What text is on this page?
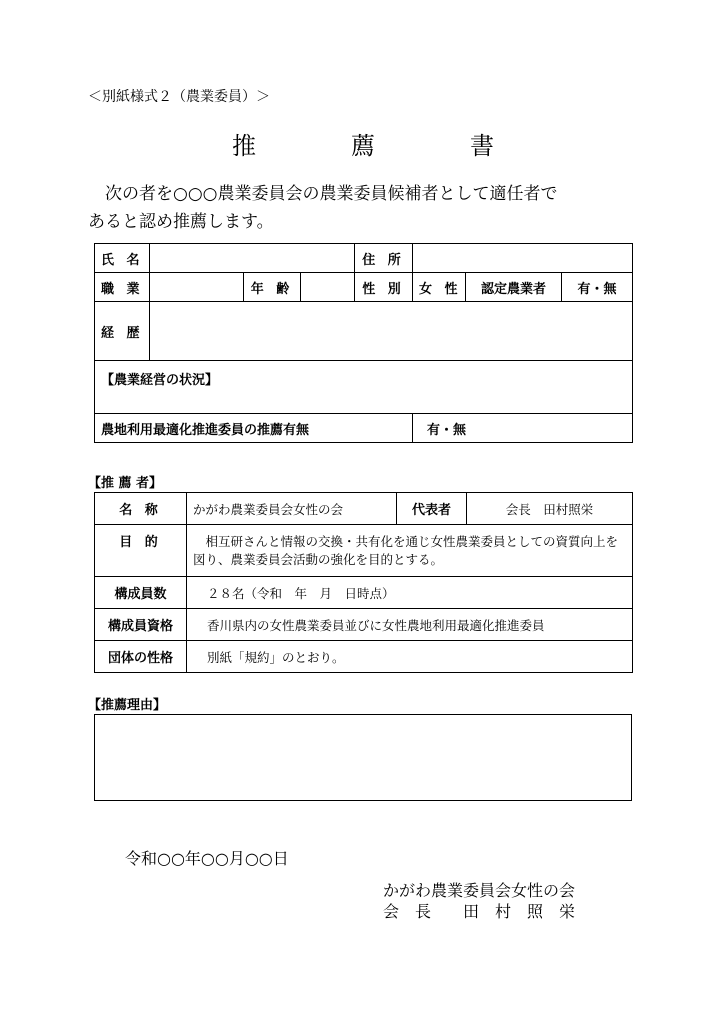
＜別紙様式２（農業委員）＞
推	薦	書
次の者を○○○農業委員会の農業委員候補者として適任者で
あると認め推薦します。
氏 名				住 所			
職 業		年 齢		性 別	女 性	認定農業者	有・無
経 歴							
【農業経営の状況】							
農地利用最適化推進委員の推薦有無					有・無		
【推 薦 者】
名 称	かがわ農業委員会女性の会	代表者	会長　田村照栄
目 的	　相互研さんと情報の交換・共有化を通じ女性農業委員としての資質向上を図り、農業委員会活動の強化を目的とする。		
構成員数	２８名（令和　年　月　日時点）		
構成員資格	香川県内の女性農業委員並びに女性農地利用最適化推進委員		
団体の性格	別紙「規約」のとおり。		
【推薦理由】
令和○○年○○月○○日
かがわ農業委員会女性の会
会　長　　田　村　照　栄
